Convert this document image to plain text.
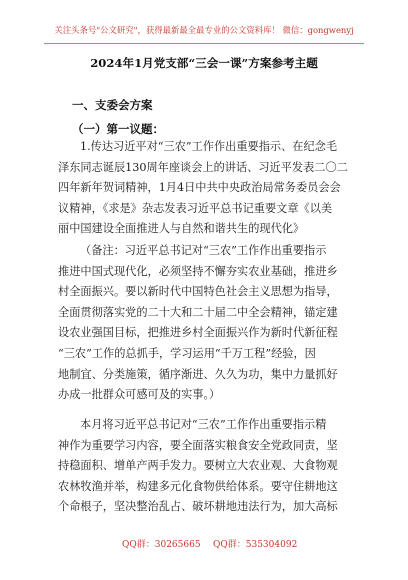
关注头条号"公文研究"，获得最新最全最专业的公文资料库！ 微信：gongwenyj
2024年1月党支部“三会一课”方案参考主题
一、支委会方案
（一）第一议题：
1.传达习近平对“三农”工作作出重要指示、在纪念毛
泽东同志诞辰130周年座谈会上的讲话、习近平发表二〇二
四年新年贺词精神，1月4日中共中央政治局常务委员会会
议精神，《求是》杂志发表习近平总书记重要文章《以美
丽中国建设全面推进人与自然和谐共生的现代化》
（备注：习近平总书记对“三农”工作作出重要指示
推进中国式现代化，必须坚持不懈夯实农业基础，推进乡
村全面振兴。要以新时代中国特色社会主义思想为指导，
全面贯彻落实党的二十大和二十届二中全会精神，锚定建
设农业强国目标，把推进乡村全面振兴作为新时代新征程
“三农”工作的总抓手，学习运用“千万工程”经验，因
地制宜、分类施策，循序渐进、久久为功，集中力量抓好
办成一批群众可感可及的实事。）
本月将习近平总书记对“三农”工作作出重要指示精
神作为重要学习内容，要全面落实粮食安全党政同责，坚
持稳面积、增单产两手发力。要树立大农业观、大食物观
农林牧渔并举，构建多元化食物供给体系。要守住耕地这
个命根子，坚决整治乱占、破坏耕地违法行为，加大高标
QQ群：30265665 QQ群：535304092
